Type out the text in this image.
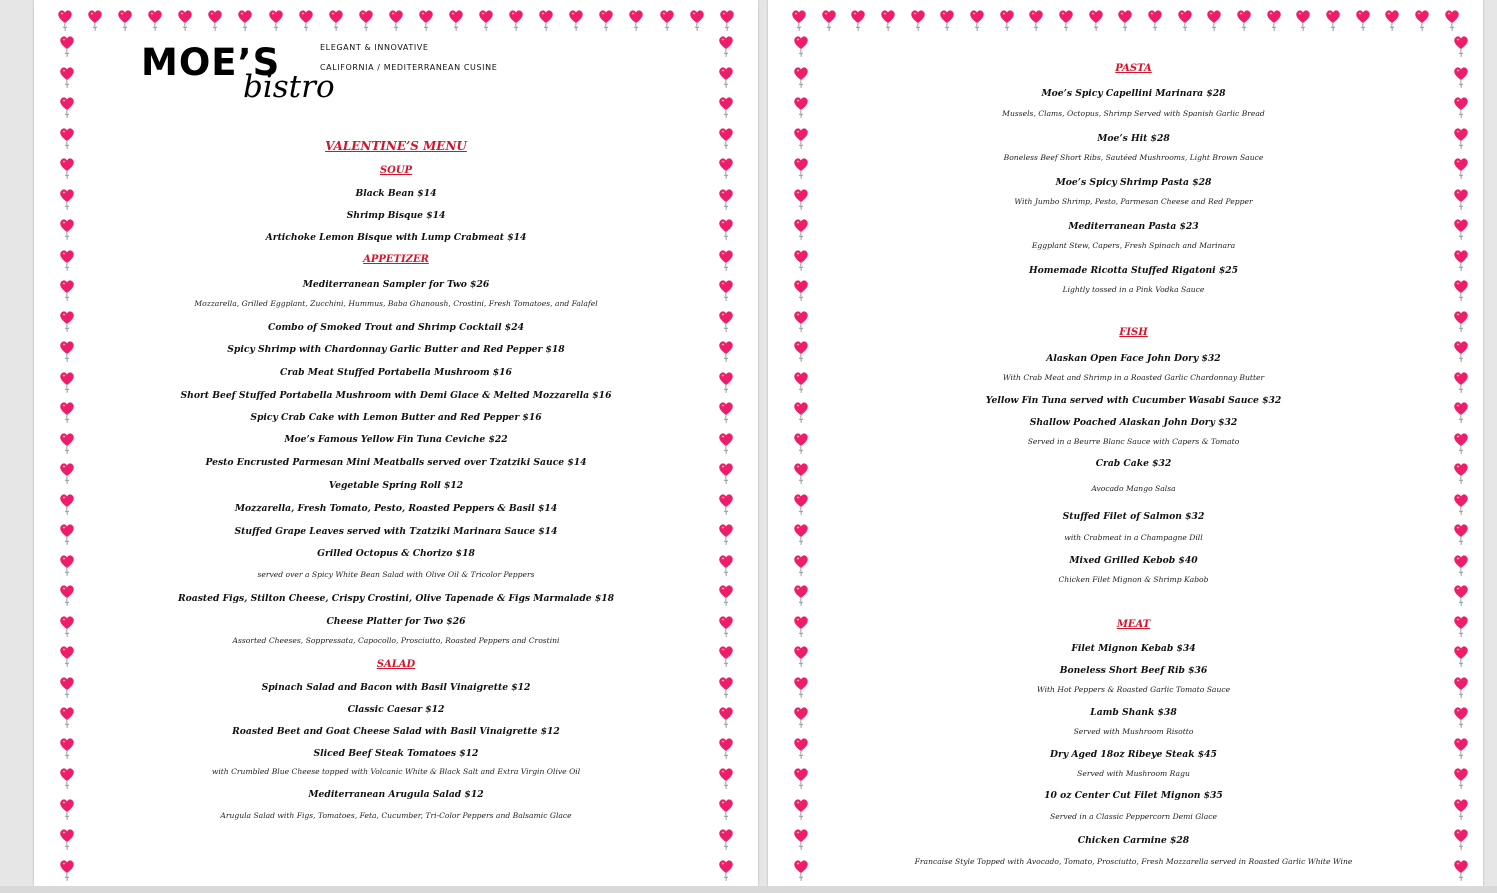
MOE’S
bistro
ELEGANT & INNOVATIVE
CALIFORNIA / MEDITERRANEAN CUSINE
VALENTINE’S MENU
SOUP
Black Bean $14
Shrimp Bisque $14
Artichoke Lemon Bisque with Lump Crabmeat $14
APPETIZER
Mediterranean Sampler for Two $26
Mozzarella, Grilled Eggplant, Zucchini, Hummus, Baba Ghanoush, Crostini, Fresh Tomatoes, and Falafel
Combo of Smoked Trout and Shrimp Cocktail $24
Spicy Shrimp with Chardonnay Garlic Butter and Red Pepper $18
Crab Meat Stuffed Portabella Mushroom $16
Short Beef Stuffed Portabella Mushroom with Demi Glace & Melted Mozzarella $16
Spicy Crab Cake with Lemon Butter and Red Pepper $16
Moe’s Famous Yellow Fin Tuna Ceviche $22
Pesto Encrusted Parmesan Mini Meatballs served over Tzatziki Sauce $14
Vegetable Spring Roll $12
Mozzarella, Fresh Tomato, Pesto, Roasted Peppers & Basil $14
Stuffed Grape Leaves served with Tzatziki Marinara Sauce $14
Grilled Octopus & Chorizo $18
served over a Spicy White Bean Salad with Olive Oil & Tricolor Peppers
Roasted Figs, Stilton Cheese, Crispy Crostini, Olive Tapenade & Figs Marmalade $18
Cheese Platter for Two $26
Assorted Cheeses, Soppressata, Capocollo, Prosciutto, Roasted Peppers and Crostini
SALAD
Spinach Salad and Bacon with Basil Vinaigrette $12
Classic Caesar $12
Roasted Beet and Goat Cheese Salad with Basil Vinaigrette $12
Sliced Beef Steak Tomatoes $12
with Crumbled Blue Cheese topped with Volcanic White & Black Salt and Extra Virgin Olive Oil
Mediterranean Arugula Salad $12
Arugula Salad with Figs, Tomatoes, Feta, Cucumber, Tri-Color Peppers and Balsamic Glace
PASTA
Moe’s Spicy Capellini Marinara $28
Mussels, Clams, Octopus, Shrimp Served with Spanish Garlic Bread
Moe’s Hit $28
Boneless Beef Short Ribs, Sautéed Mushrooms, Light Brown Sauce
Moe’s Spicy Shrimp Pasta $28
With Jumbo Shrimp, Pesto, Parmesan Cheese and Red Pepper
Mediterranean Pasta $23
Eggplant Stew, Capers, Fresh Spinach and Marinara
Homemade Ricotta Stuffed Rigatoni $25
Lightly tossed in a Pink Vodka Sauce
FISH
Alaskan Open Face John Dory $32
With Crab Meat and Shrimp in a Roasted Garlic Chardonnay Butter
Yellow Fin Tuna served with Cucumber Wasabi Sauce $32
Shallow Poached Alaskan John Dory $32
Served in a Beurre Blanc Sauce with Capers & Tomato
Crab Cake $32
Avocado Mango Salsa
Stuffed Filet of Salmon $32
with Crabmeat in a Champagne Dill
Mixed Grilled Kebob $40
Chicken Filet Mignon & Shrimp Kabob
MEAT
Filet Mignon Kebab $34
Boneless Short Beef Rib $36
With Hot Peppers & Roasted Garlic Tomato Sauce
Lamb Shank $38
Served with Mushroom Risotto
Dry Aged 18oz Ribeye Steak $45
Served with Mushroom Ragu
10 oz Center Cut Filet Mignon $35
Served in a Classic Peppercorn Demi Glace
Chicken Carmine $28
Francaise Style Topped with Avocado, Tomato, Prosciutto, Fresh Mozzarella served in Roasted Garlic White Wine
